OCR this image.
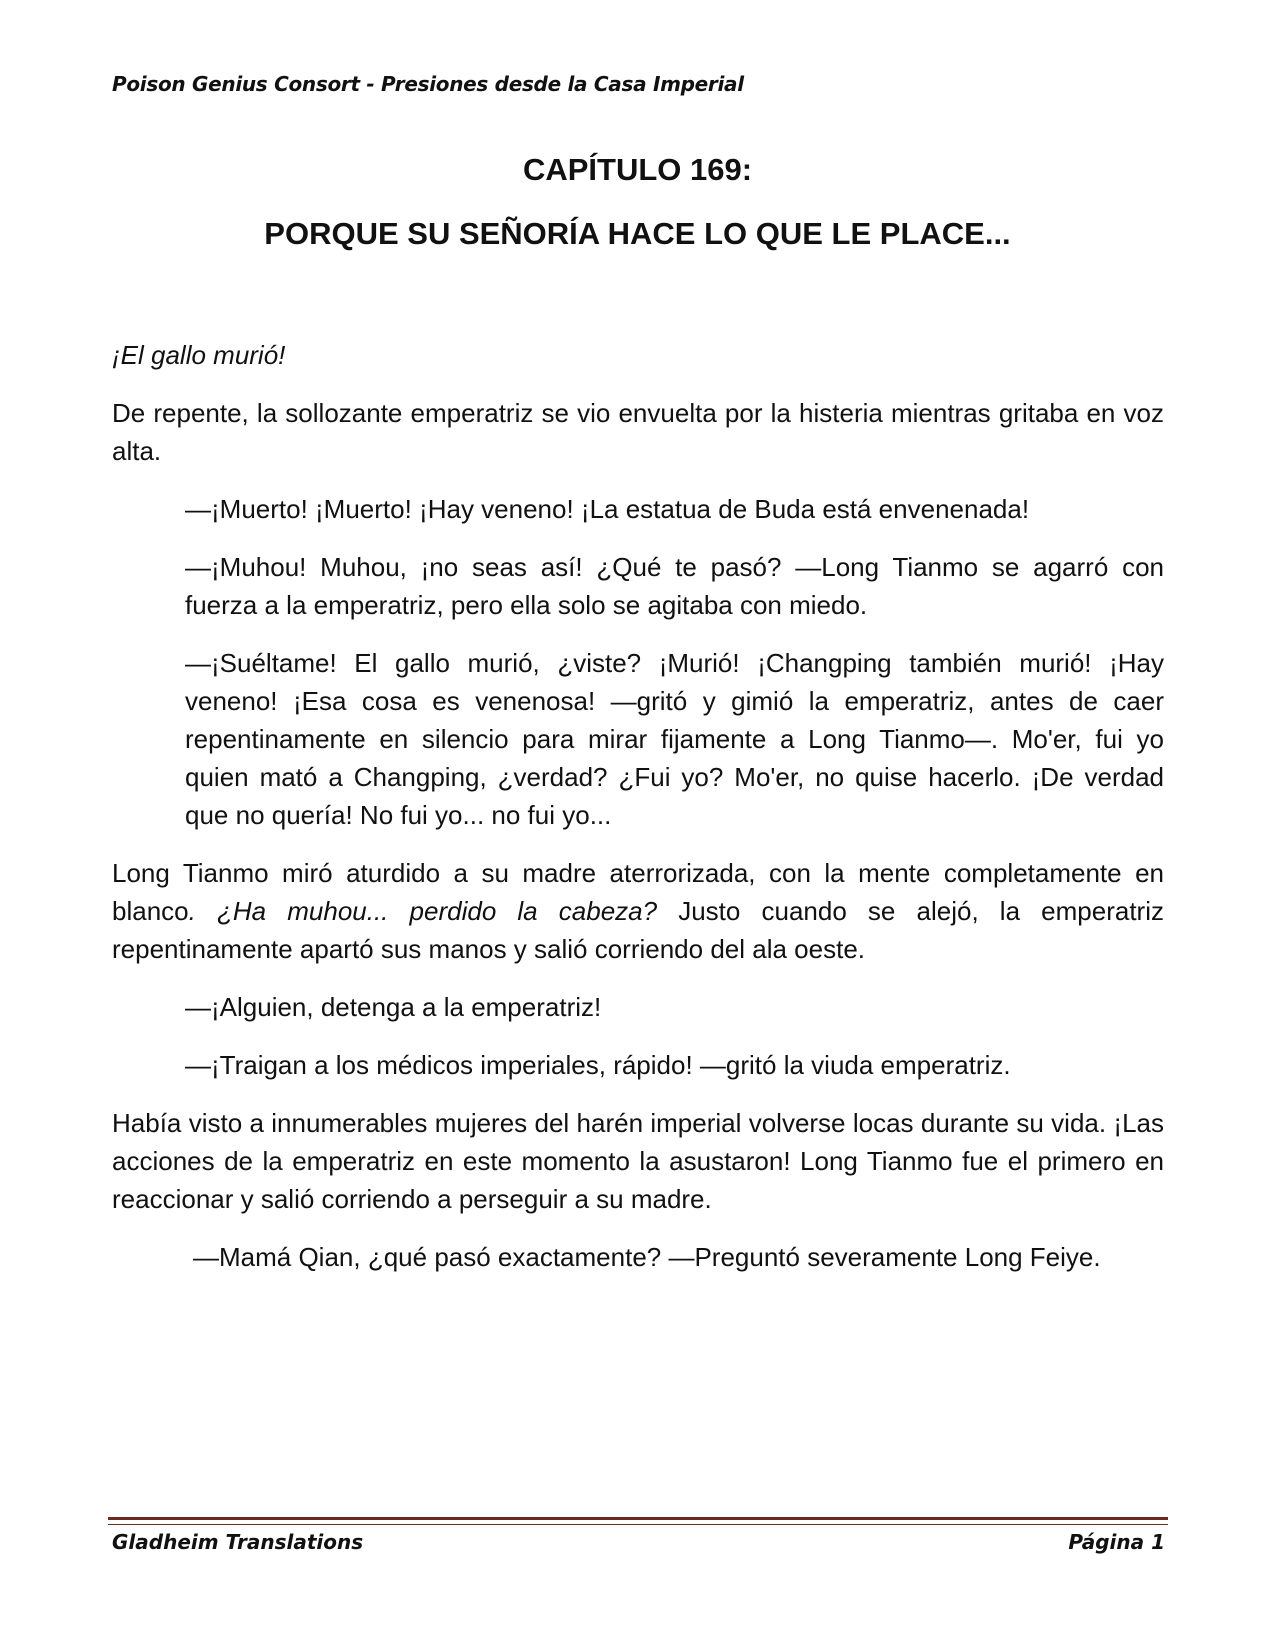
Poison Genius Consort - Presiones desde la Casa Imperial
CAPÍTULO 169:
PORQUE SU SEÑORÍA HACE LO QUE LE PLACE...

¡El gallo murió!

De repente, la sollozante emperatriz se vio envuelta por la histeria mientras gritaba en voz alta.

—¡Muerto! ¡Muerto! ¡Hay veneno! ¡La estatua de Buda está envenenada!

—¡Muhou! Muhou, ¡no seas así! ¿Qué te pasó? —Long Tianmo se agarró con fuerza a la emperatriz, pero ella solo se agitaba con miedo.

—¡Suéltame! El gallo murió, ¿viste? ¡Murió! ¡Changping también murió! ¡Hay veneno! ¡Esa cosa es venenosa! —gritó y gimió la emperatriz, antes de caer repentinamente en silencio para mirar fijamente a Long Tianmo—. Mo'er, fui yo quien mató a Changping, ¿verdad? ¿Fui yo? Mo'er, no quise hacerlo. ¡De verdad que no quería! No fui yo... no fui yo...

Long Tianmo miró aturdido a su madre aterrorizada, con la mente completamente en blanco. ¿Ha muhou... perdido la cabeza? Justo cuando se alejó, la emperatriz repentinamente apartó sus manos y salió corriendo del ala oeste.

—¡Alguien, detenga a la emperatriz!

—¡Traigan a los médicos imperiales, rápido! —gritó la viuda emperatriz.

Había visto a innumerables mujeres del harén imperial volverse locas durante su vida. ¡Las acciones de la emperatriz en este momento la asustaron! Long Tianmo fue el primero en reaccionar y salió corriendo a perseguir a su madre.

—Mamá Qian, ¿qué pasó exactamente? —Preguntó severamente Long Feiye.

Gladheim Translations	Página 1
